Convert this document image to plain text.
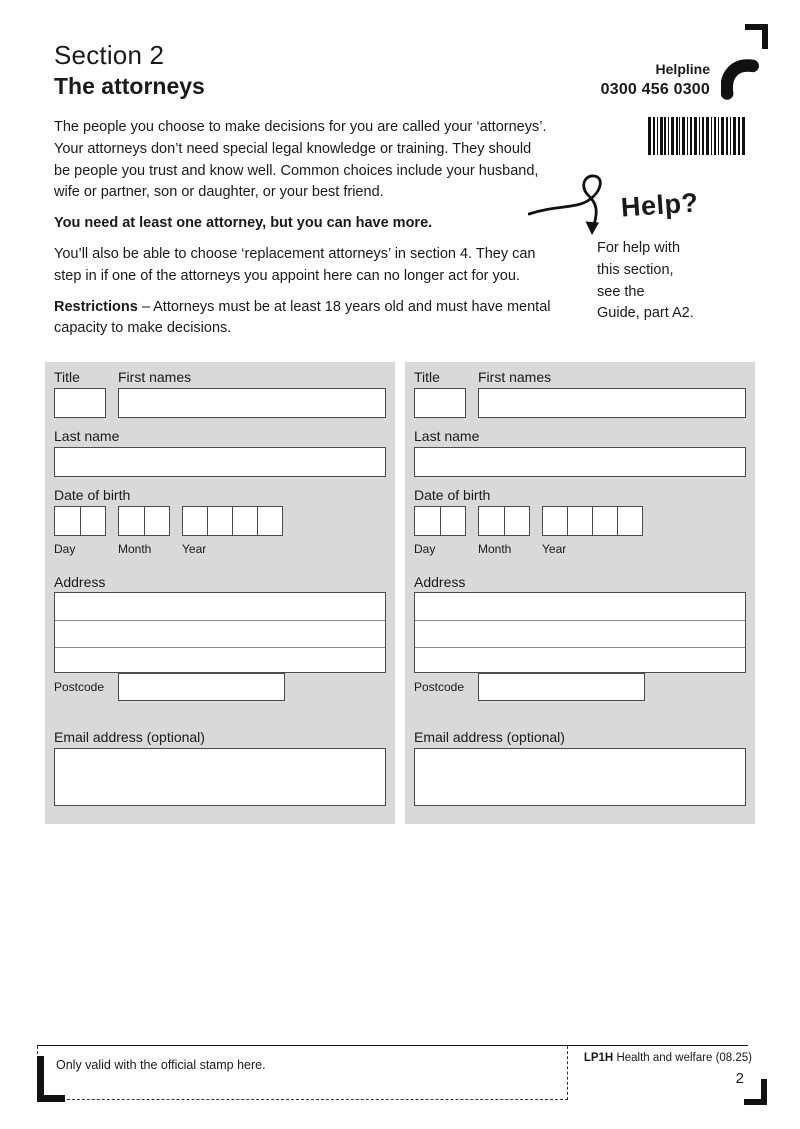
Section 2
The attorneys
Helpline
0300 456 0300
The people you choose to make decisions for you are called your ‘attorneys’.
Your attorneys don’t need special legal knowledge or training. They should
be people you trust and know well. Common choices include your husband,
wife or partner, son or daughter, or your best friend.
You need at least one attorney, but you can have more.
You’ll also be able to choose ‘replacement attorneys’ in section 4. They can
step in if one of the attorneys you appoint here can no longer act for you.
Restrictions – Attorneys must be at least 18 years old and must have mental
capacity to make decisions.
Help?
For help with
this section,
see the
Guide, part A2.
Title	First names
Last name
Date of birth
Day	Month	Year
Address
Postcode
Email address (optional)
Title	First names
Last name
Date of birth
Day	Month	Year
Address
Postcode
Email address (optional)
Only valid with the official stamp here.	LP1H Health and welfare (08.25)
2
